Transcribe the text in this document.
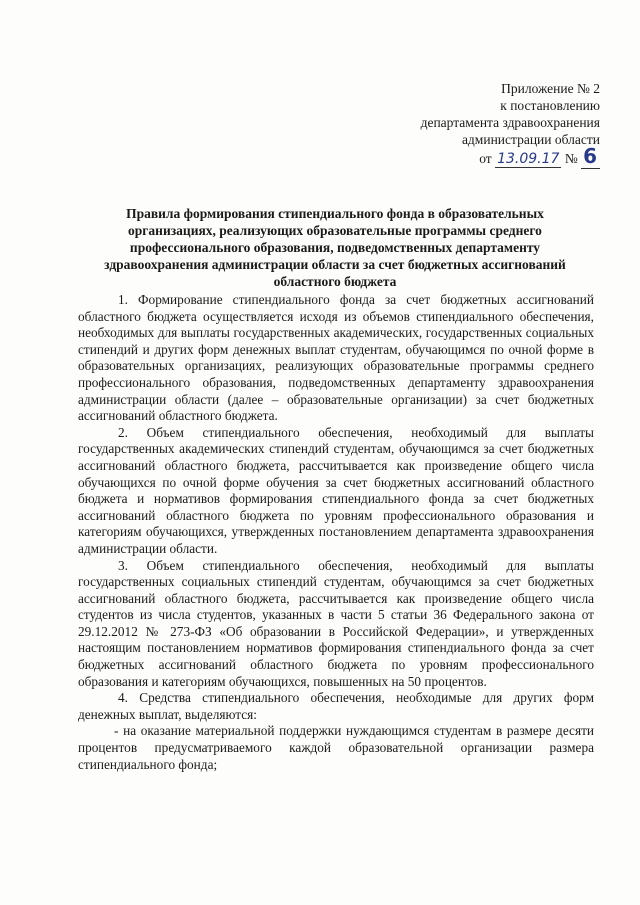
Приложение № 2
к постановлению
департамента здравоохранения
администрации области
от 13.09.17 № 6
Правила формирования стипендиального фонда в образовательных организациях, реализующих образовательные программы среднего профессионального образования, подведомственных департаменту здравоохранения администрации области за счет бюджетных ассигнований областного бюджета

1. Формирование стипендиального фонда за счет бюджетных ассигнований областного бюджета осуществляется исходя из объемов стипендиального обеспечения, необходимых для выплаты государственных академических, государственных социальных стипендий и других форм денежных выплат студентам, обучающимся по очной форме в образовательных организациях, реализующих образовательные программы среднего профессионального образования, подведомственных департаменту здравоохранения администрации области (далее – образовательные организации) за счет бюджетных ассигнований областного бюджета.

2. Объем стипендиального обеспечения, необходимый для выплаты государственных академических стипендий студентам, обучающимся за счет бюджетных ассигнований областного бюджета, рассчитывается как произведение общего числа обучающихся по очной форме обучения за счет бюджетных ассигнований областного бюджета и нормативов формирования стипендиального фонда за счет бюджетных ассигнований областного бюджета по уровням профессионального образования и категориям обучающихся, утвержденных постановлением департамента здравоохранения администрации области.

3. Объем стипендиального обеспечения, необходимый для выплаты государственных социальных стипендий студентам, обучающимся за счет бюджетных ассигнований областного бюджета, рассчитывается как произведение общего числа студентов из числа студентов, указанных в части 5 статьи 36 Федерального закона от 29.12.2012 № 273-ФЗ «Об образовании в Российской Федерации», и утвержденных настоящим постановлением нормативов формирования стипендиального фонда за счет бюджетных ассигнований областного бюджета по уровням профессионального образования и категориям обучающихся, повышенных на 50 процентов.

4. Средства стипендиального обеспечения, необходимые для других форм денежных выплат, выделяются:

- на оказание материальной поддержки нуждающимся студентам в размере десяти процентов предусматриваемого каждой образовательной организации размера стипендиального фонда;
